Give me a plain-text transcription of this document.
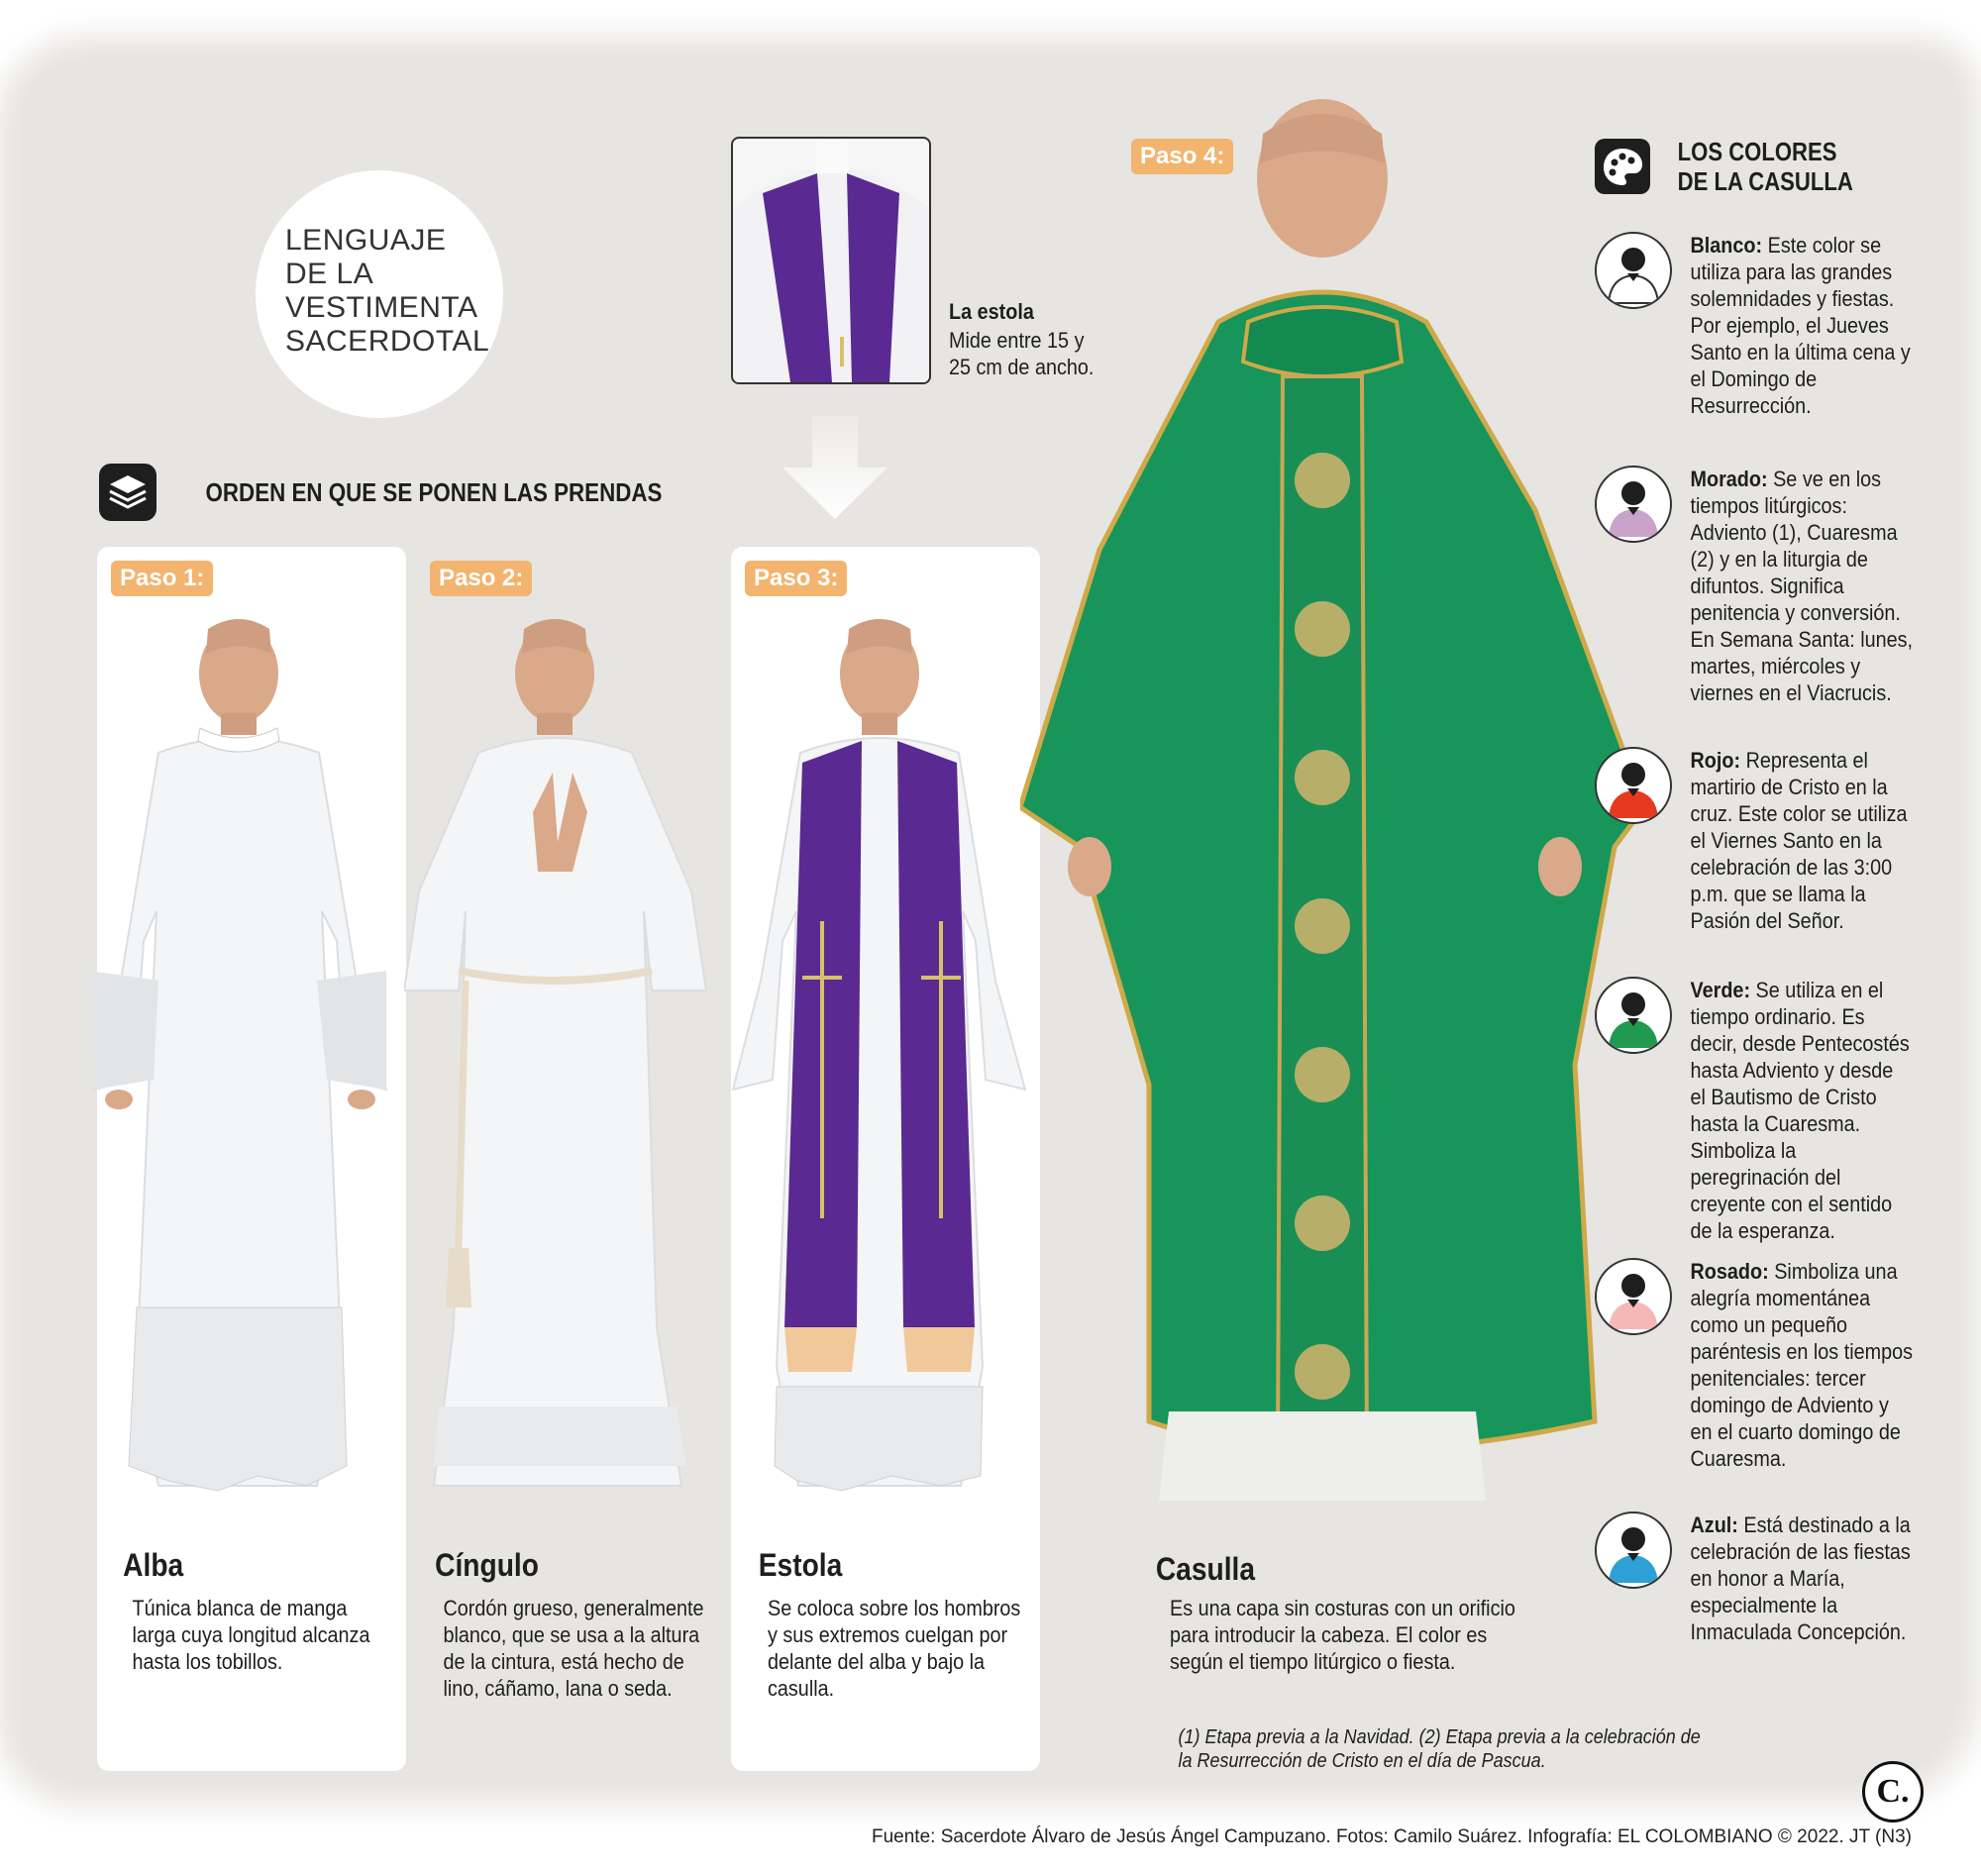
LENGUAJE
DE LA
VESTIMENTA
SACERDOTAL
ORDEN EN QUE SE PONEN LAS PRENDAS
La estola
Mide entre 15 y
25 cm de ancho.
Paso 1:	Paso 2:	Paso 3:
Paso 4:
Alba
Túnica blanca de manga larga cuya longitud alcanza hasta los tobillos.
Cíngulo
Cordón grueso, generalmente blanco, que se usa a la altura de la cintura, está hecho de lino, cáñamo, lana o seda.
Estola
Se coloca sobre los hombros y sus extremos cuelgan por delante del alba y bajo la casulla.
Casulla
Es una capa sin costuras con un orificio para introducir la cabeza. El color es según el tiempo litúrgico o fiesta.
(1) Etapa previa a la Navidad. (2) Etapa previa a la celebración de la Resurrección de Cristo en el día de Pascua.
LOS COLORES
DE LA CASULLA
Blanco: Este color se utiliza para las grandes solemnidades y fiestas. Por ejemplo, el Jueves Santo en la última cena y el Domingo de Resurrección.
Morado: Se ve en los tiempos litúrgicos: Adviento (1), Cuaresma (2) y en la liturgia de difuntos. Significa penitencia y conversión. En Semana Santa: lunes, martes, miércoles y viernes en el Viacrucis.
Rojo: Representa el martirio de Cristo en la cruz. Este color se utiliza el Viernes Santo en la celebración de las 3:00 p.m. que se llama la Pasión del Señor.
Verde: Se utiliza en el tiempo ordinario. Es decir, desde Pentecostés hasta Adviento y desde el Bautismo de Cristo hasta la Cuaresma. Simboliza la peregrinación del creyente con el sentido de la esperanza.
Rosado: Simboliza una alegría momentánea como un pequeño paréntesis en los tiempos penitenciales: tercer domingo de Adviento y en el cuarto domingo de Cuaresma.
Azul: Está destinado a la celebración de las fiestas en honor a María, especialmente la Inmaculada Concepción.
C.
Fuente: Sacerdote Álvaro de Jesús Ángel Campuzano. Fotos: Camilo Suárez. Infografía: EL COLOMBIANO © 2022. JT (N3)
